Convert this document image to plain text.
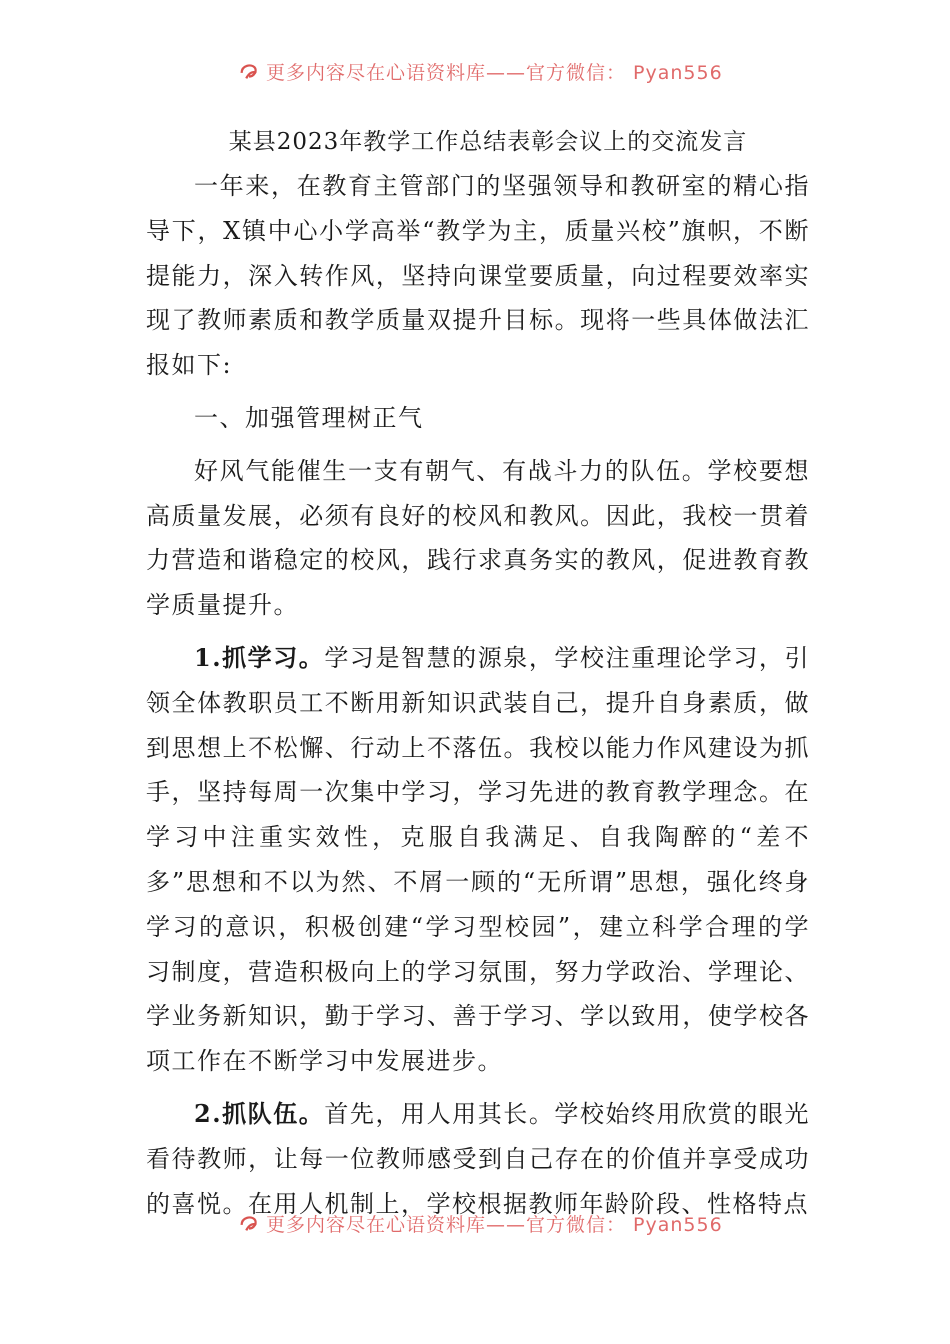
更多内容尽在心语资料库——官方微信： Pyan556

某县2023年教学工作总结表彰会议上的交流发言

一年来，在教育主管部门的坚强领导和教研室的精心指导下，X镇中心小学高举“教学为主，质量兴校”旗帜，不断提能力，深入转作风，坚持向课堂要质量，向过程要效率实现了教师素质和教学质量双提升目标。现将一些具体做法汇报如下:

一、加强管理树正气

好风气能催生一支有朝气、有战斗力的队伍。学校要想高质量发展，必须有良好的校风和教风。因此，我校一贯着力营造和谐稳定的校风，践行求真务实的教风，促进教育教学质量提升。

1.抓学习。学习是智慧的源泉，学校注重理论学习，引领全体教职员工不断用新知识武装自己，提升自身素质，做到思想上不松懈、行动上不落伍。我校以能力作风建设为抓手，坚持每周一次集中学习，学习先进的教育教学理念。在学习中注重实效性，克服自我满足、自我陶醉的“差不多”思想和不以为然、不屑一顾的“无所谓”思想，强化终身学习的意识，积极创建“学习型校园”，建立科学合理的学习制度，营造积极向上的学习氛围，努力学政治、学理论、学业务新知识，勤于学习、善于学习、学以致用，使学校各项工作在不断学习中发展进步。

2.抓队伍。首先，用人用其长。学校始终用欣赏的眼光看待教师，让每一位教师感受到自己存在的价值并享受成功的喜悦。在用人机制上，学校根据教师年龄阶段、性格特点

更多内容尽在心语资料库——官方微信： Pyan556
